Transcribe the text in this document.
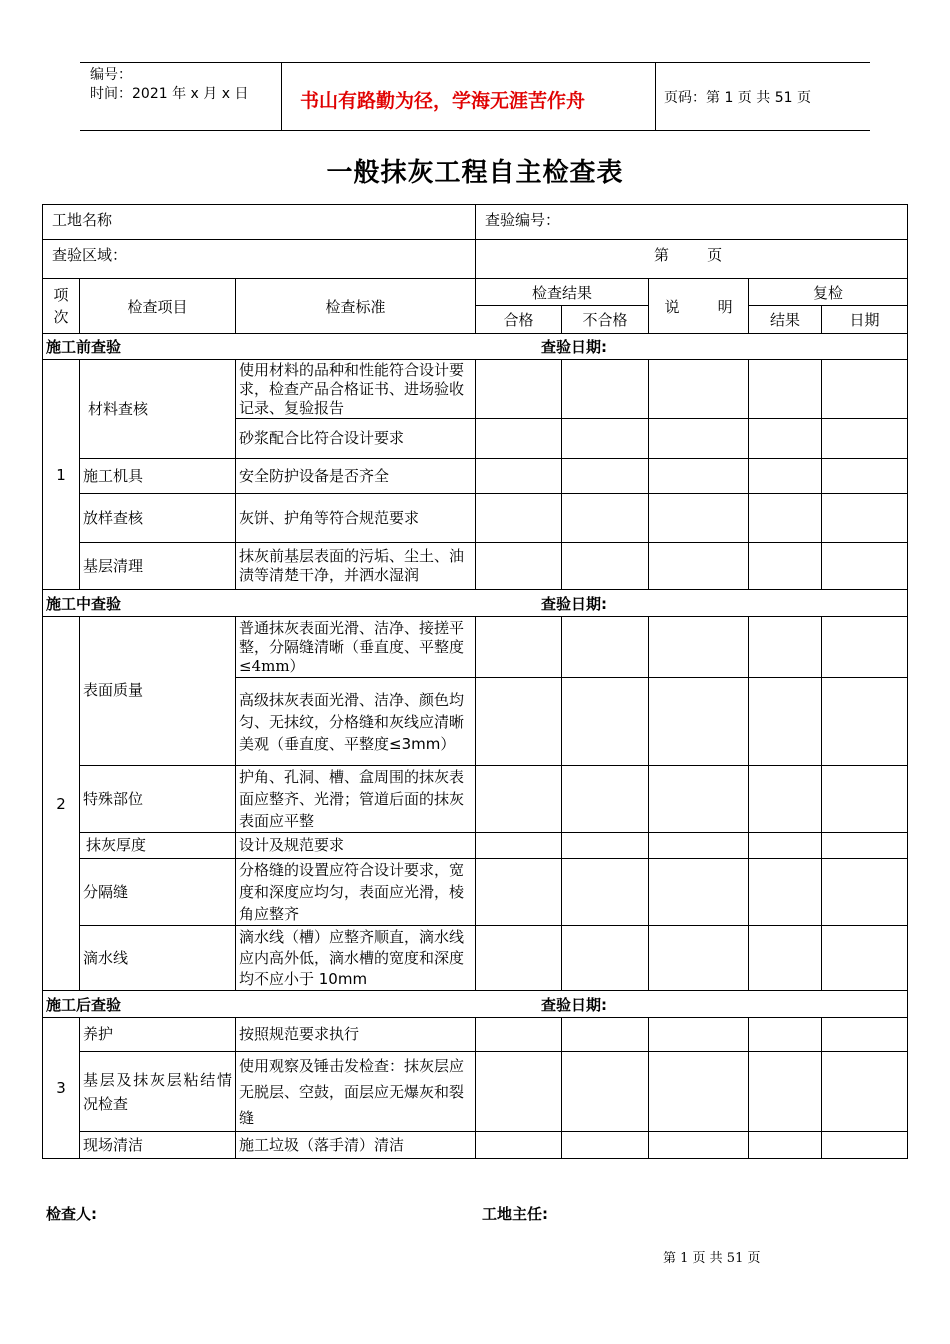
编号：
时间：2021 年 x 月 x 日	书山有路勤为径，学海无涯苦作舟	页码：第 1 页 共 51 页
一般抹灰工程自主检查表
工地名称			查验编号：				
查验区域：			第        页				
项次	检查项目	检查标准	检查结果		说        明	复检	
			合格	不合格		结果	日期
施工前查验 查验日期:							
1	材料查核	使用材料的品种和性能符合设计要求，检查产品合格证书、进场验收记录、复验报告					
		砂浆配合比符合设计要求					
	施工机具	安全防护设备是否齐全					
	放样查核	灰饼、护角等符合规范要求					
	基层清理	抹灰前基层表面的污垢、尘土、油渍等清楚干净，并洒水湿润					
施工中查验 查验日期:							
2	表面质量	普通抹灰表面光滑、洁净、接搓平整，分隔缝清晰（垂直度、平整度≤4mm）					
		高级抹灰表面光滑、洁净、颜色均匀、无抹纹，分格缝和灰线应清晰美观（垂直度、平整度≤3mm）					
	特殊部位	护角、孔洞、槽、盒周围的抹灰表面应整齐、光滑；管道后面的抹灰表面应平整					
	抹灰厚度	设计及规范要求					
	分隔缝	分格缝的设置应符合设计要求，宽度和深度应均匀，表面应光滑，棱角应整齐					
	滴水线	滴水线（槽）应整齐顺直，滴水线应内高外低，滴水槽的宽度和深度均不应小于 10mm					
施工后查验 查验日期:							
3	养护	按照规范要求执行					
	基层及抹灰层粘结情况检查	使用观察及锤击发检查：抹灰层应无脱层、空鼓，面层应无爆灰和裂缝					
	现场清洁	施工垃圾（落手清）清洁					
检查人:	工地主任:
第 1 页 共 51 页
